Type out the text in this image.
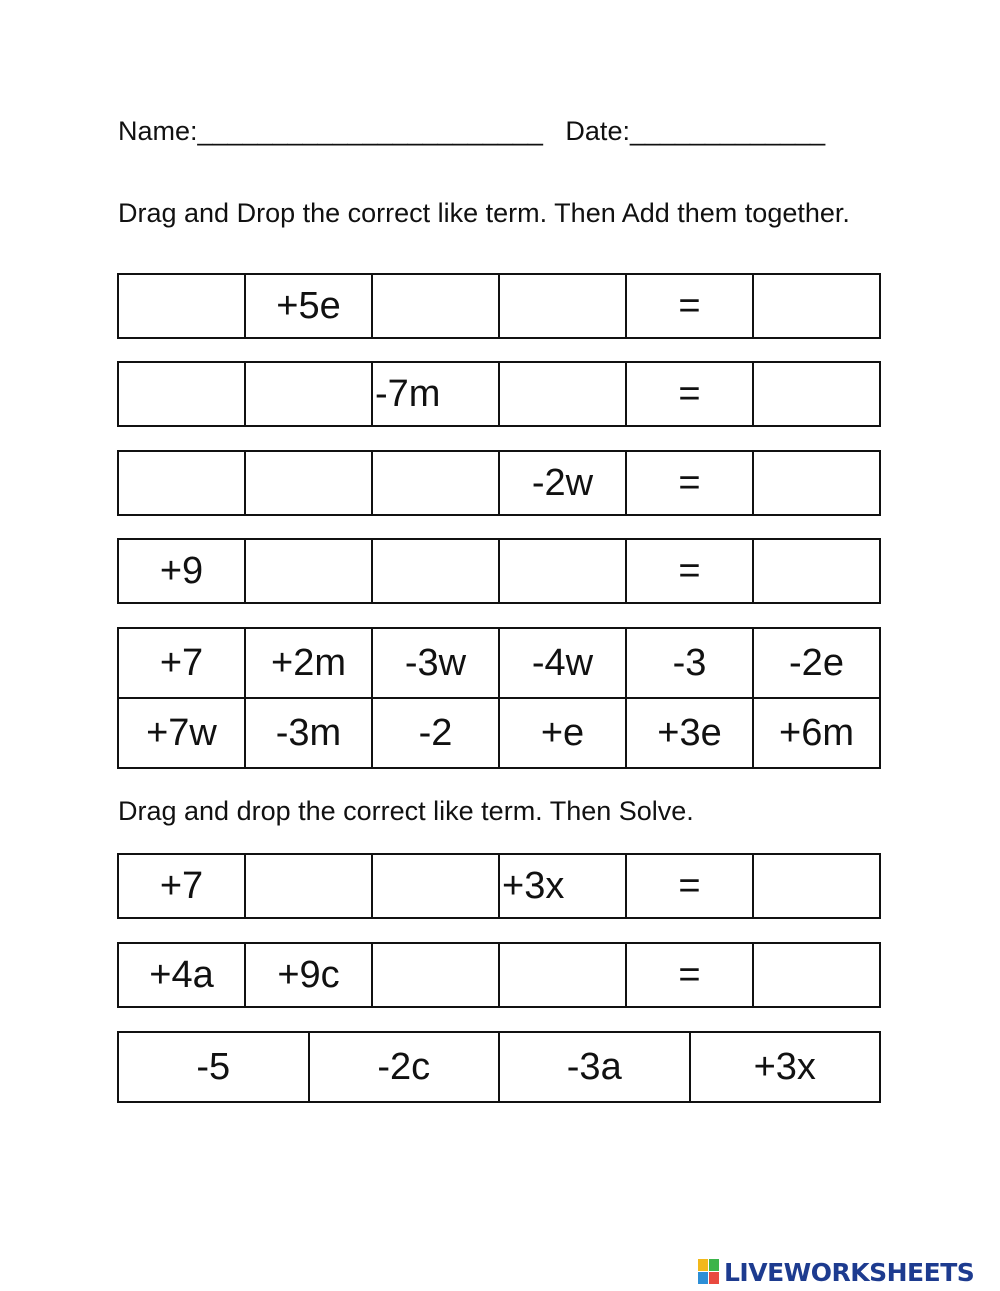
Name:_______________________ Date:_____________
Drag and Drop the correct like term. Then Add them together.
	+5e			=	
		-7m		=	
			-2w	=	
+9				=	
+7	+2m	-3w	-4w	-3	-2e
+7w	-3m	-2	+e	+3e	+6m
Drag and drop the correct like term. Then Solve.
+7			+3x	=	
+4a	+9c			=	
-5	-2c	-3a	+3x
LIVEWORKSHEETS
